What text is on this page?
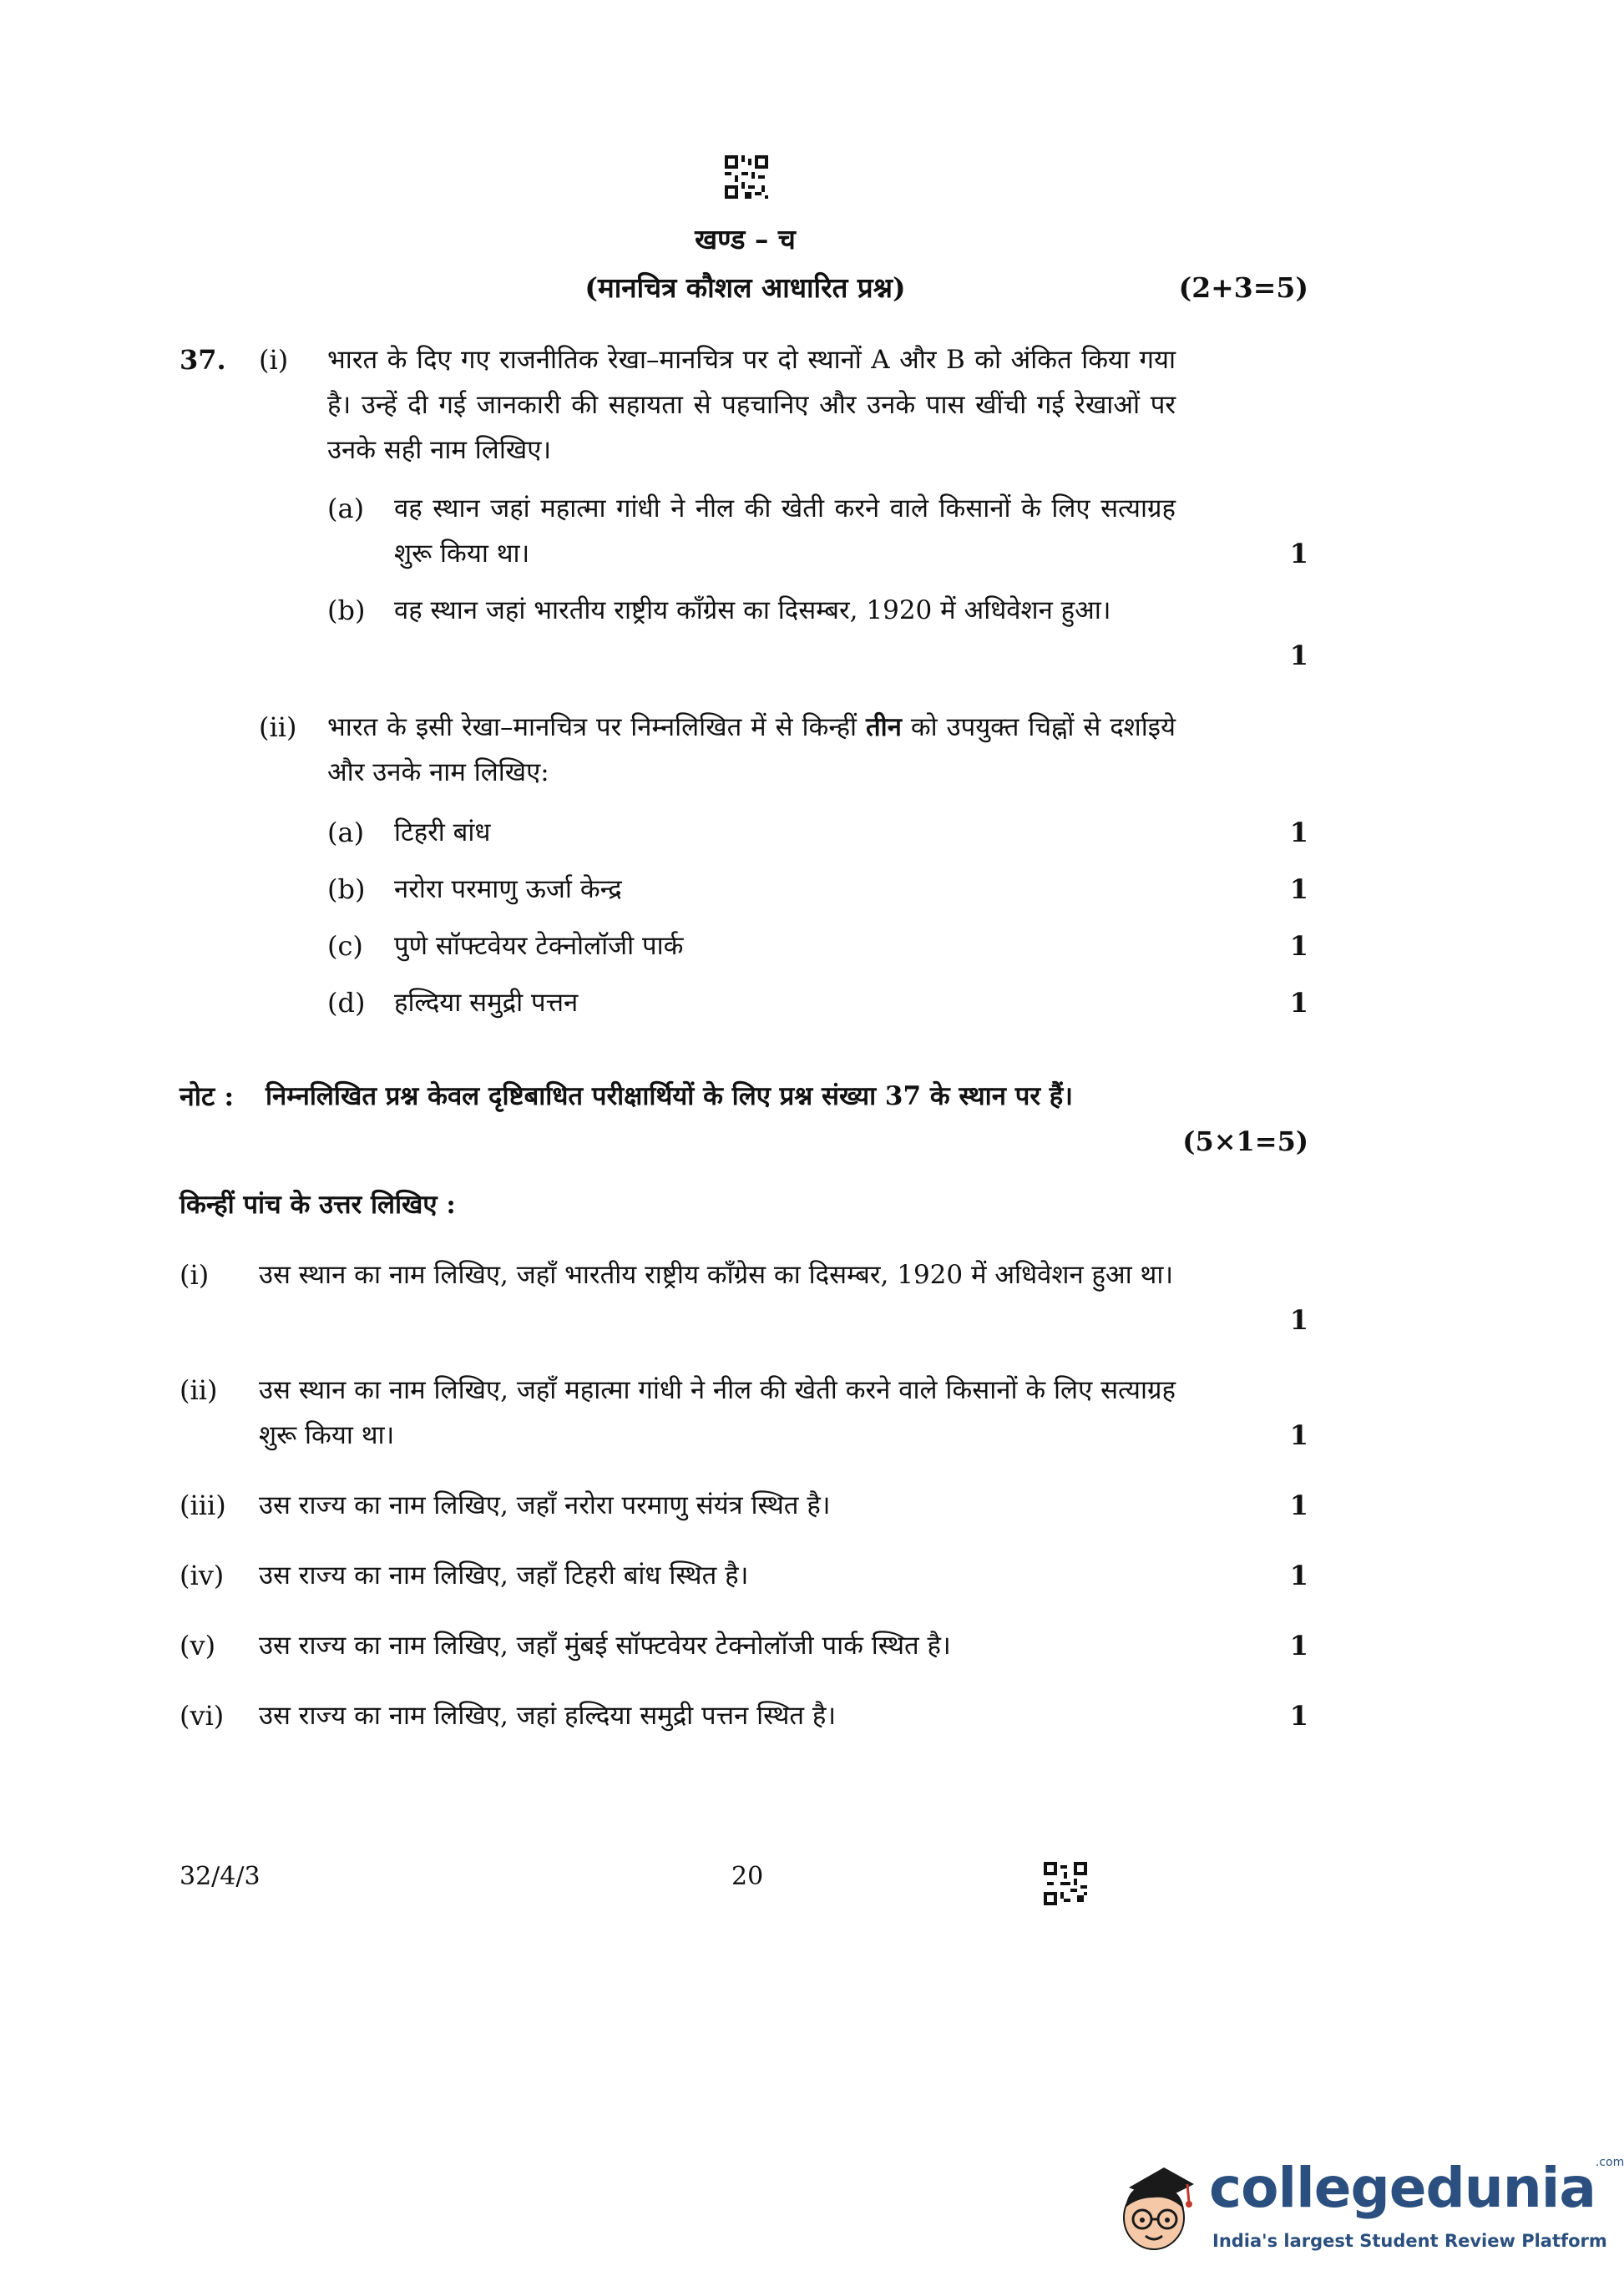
खण्ड – च
(मानचित्र कौशल आधारित प्रश्न)	(2+3=5)
37. (i) भारत के दिए गए राजनीतिक रेखा–मानचित्र पर दो स्थानों A और B को अंकित किया गया है। उन्हें दी गई जानकारी की सहायता से पहचानिए और उनके पास खींची गई रेखाओं पर उनके सही नाम लिखिए।
(a) वह स्थान जहां महात्मा गांधी ने नील की खेती करने वाले किसानों के लिए सत्याग्रह शुरू किया था।	1
(b) वह स्थान जहां भारतीय राष्ट्रीय कॉंग्रेस का दिसम्बर, 1920 में अधिवेशन हुआ।
1
(ii) भारत के इसी रेखा–मानचित्र पर निम्नलिखित में से किन्हीं तीन को उपयुक्त चिह्नों से दर्शाइये और उनके नाम लिखिए:
(a) टिहरी बांध	1
(b) नरोरा परमाणु ऊर्जा केन्द्र	1
(c) पुणे सॉफ्टवेयर टेक्नोलॉजी पार्क	1
(d) हल्दिया समुद्री पत्तन	1
नोट : निम्नलिखित प्रश्न केवल दृष्टिबाधित परीक्षार्थियों के लिए प्रश्न संख्या 37 के स्थान पर हैं।
(5×1=5)
किन्हीं पांच के उत्तर लिखिए :
(i) उस स्थान का नाम लिखिए, जहाँ भारतीय राष्ट्रीय कॉंग्रेस का दिसम्बर, 1920 में अधिवेशन हुआ था।
1
(ii) उस स्थान का नाम लिखिए, जहाँ महात्मा गांधी ने नील की खेती करने वाले किसानों के लिए सत्याग्रह शुरू किया था।	1
(iii) उस राज्य का नाम लिखिए, जहाँ नरोरा परमाणु संयंत्र स्थित है।	1
(iv) उस राज्य का नाम लिखिए, जहाँ टिहरी बांध स्थित है।	1
(v) उस राज्य का नाम लिखिए, जहाँ मुंबई सॉफ्टवेयर टेक्नोलॉजी पार्क स्थित है।	1
(vi) उस राज्य का नाम लिखिए, जहां हल्दिया समुद्री पत्तन स्थित है।	1
32/4/3	20
collegedunia.com
India's largest Student Review Platform
